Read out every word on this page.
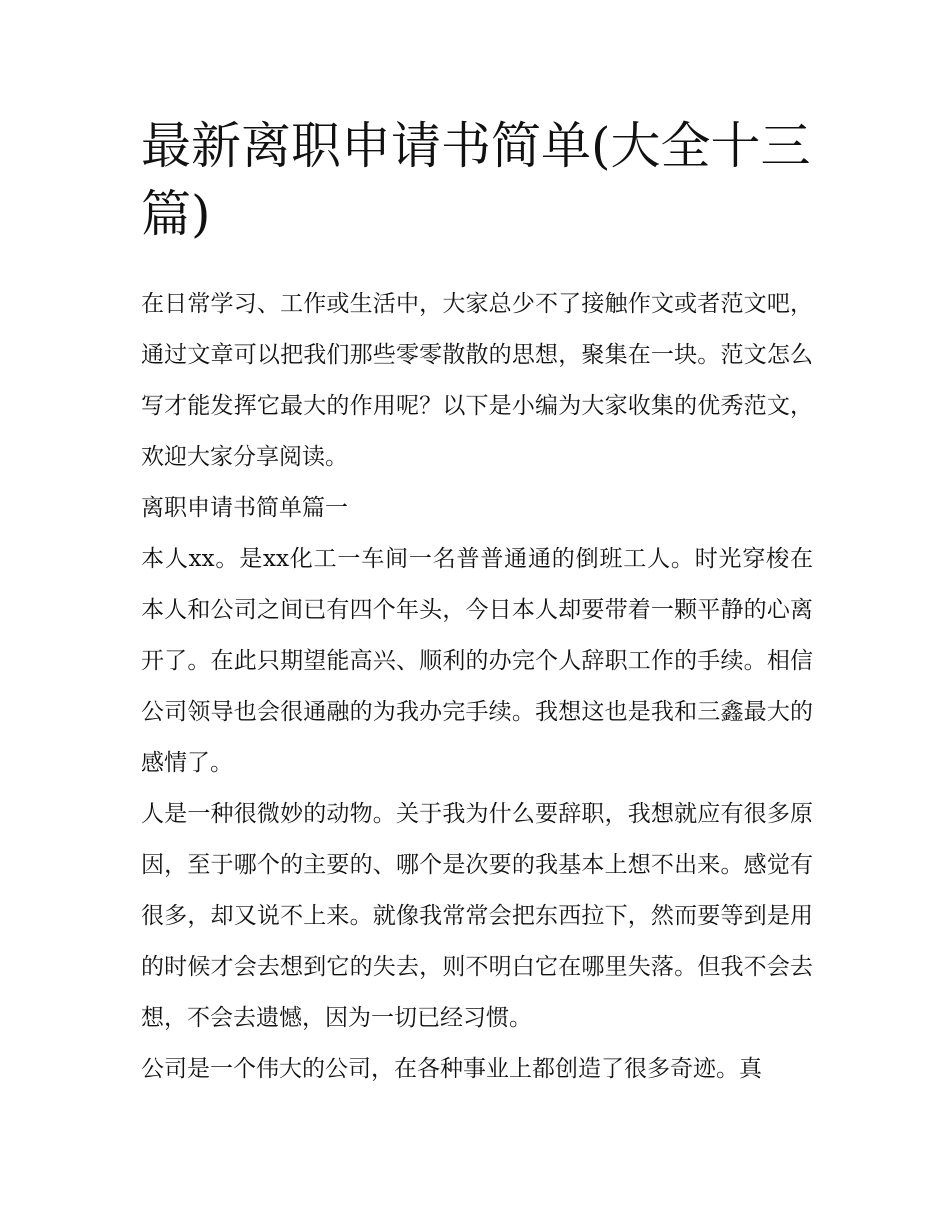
最新离职申请书简单(大全十三篇)

在日常学习、工作或生活中，大家总少不了接触作文或者范文吧，通过文章可以把我们那些零零散散的思想，聚集在一块。范文怎么写才能发挥它最大的作用呢？以下是小编为大家收集的优秀范文，欢迎大家分享阅读。

离职申请书简单篇一

本人xx。是xx化工一车间一名普普通通的倒班工人。时光穿梭在本人和公司之间已有四个年头，今日本人却要带着一颗平静的心离开了。在此只期望能高兴、顺利的办完个人辞职工作的手续。相信公司领导也会很通融的为我办完手续。我想这也是我和三鑫最大的感情了。

人是一种很微妙的动物。关于我为什么要辞职，我想就应有很多原因，至于哪个的主要的、哪个是次要的我基本上想不出来。感觉有很多，却又说不上来。就像我常常会把东西拉下，然而要等到是用的时候才会去想到它的失去，则不明白它在哪里失落。但我不会去想，不会去遗憾，因为一切已经习惯。

公司是一个伟大的公司，在各种事业上都创造了很多奇迹。真
